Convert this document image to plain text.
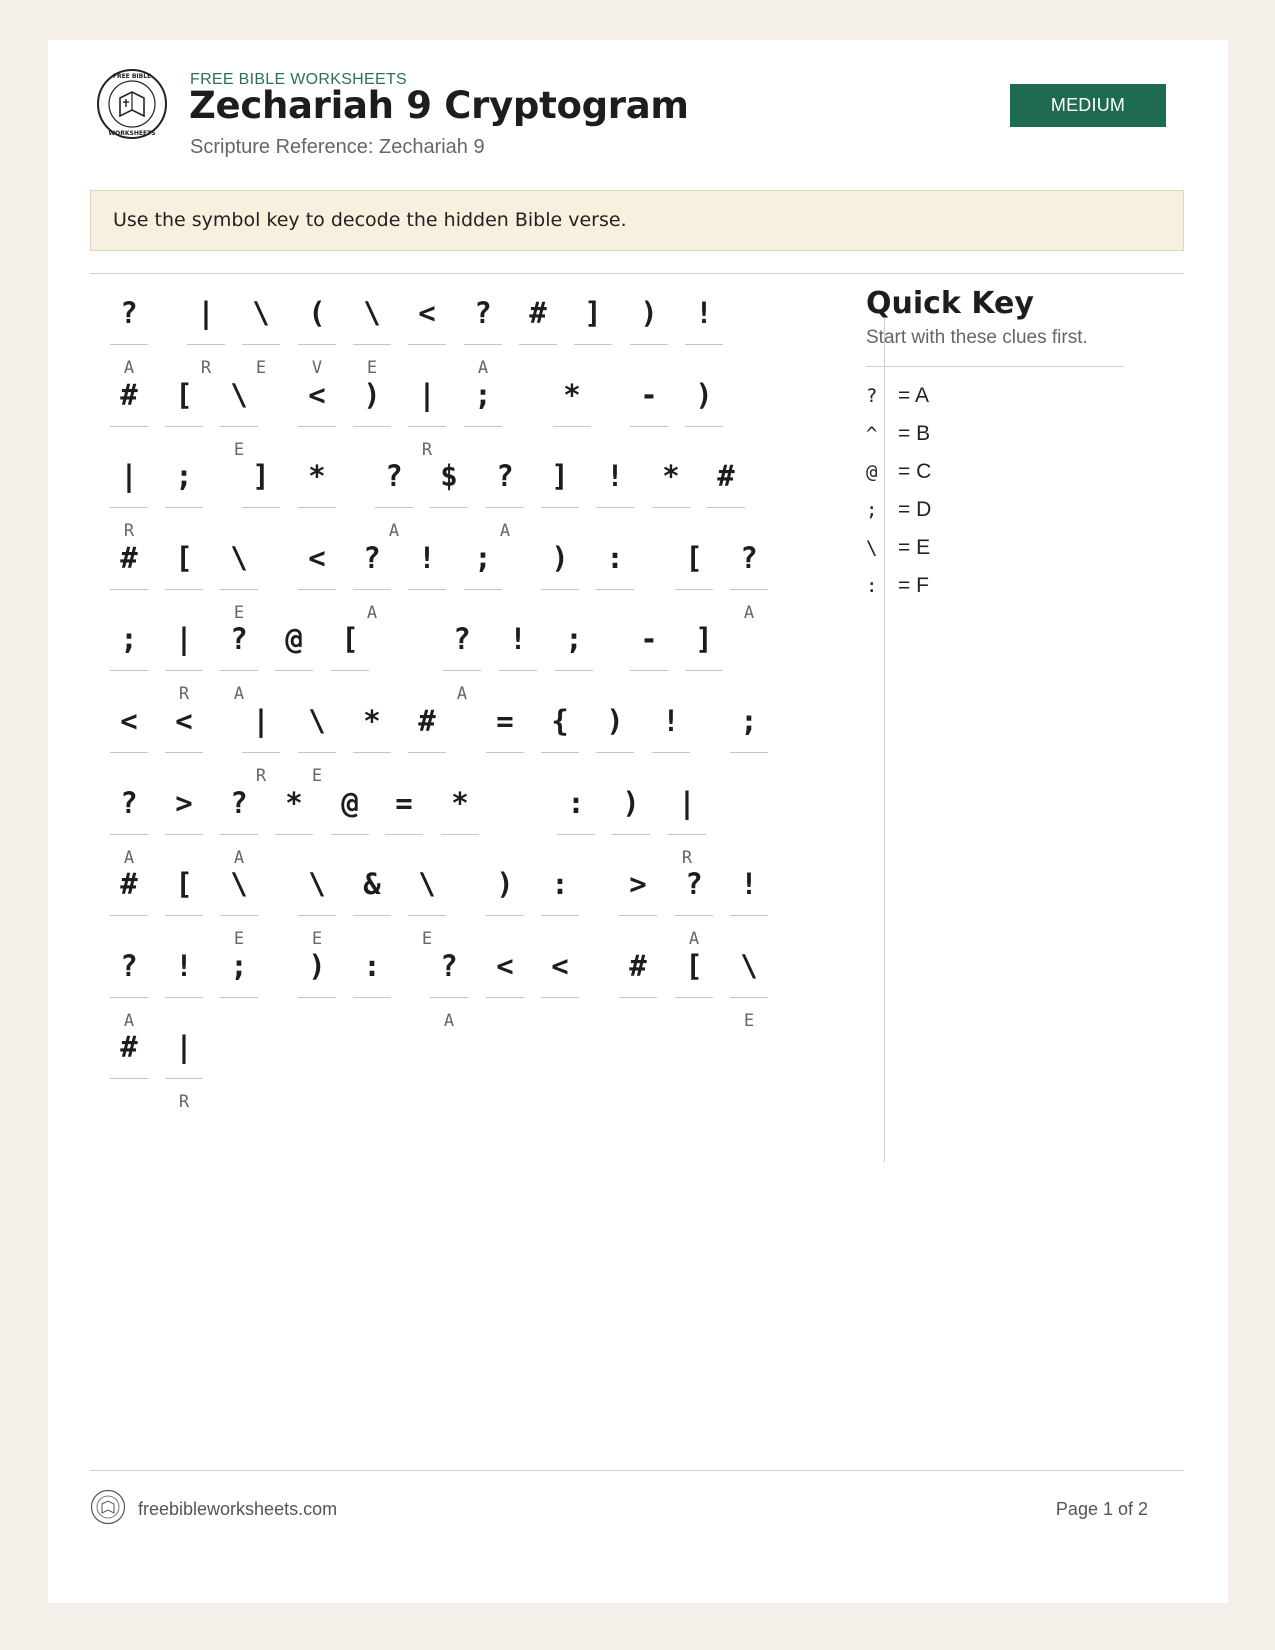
FREE BIBLE
WORKSHEETS
FREE BIBLE WORKSHEETS
Zechariah 9 Cryptogram
Scripture Reference: Zechariah 9
MEDIUM
Use the symbol key to decode the hidden Bible verse.
?
A
|
R
\
E
(
V
\
E
<	?
A
#	]	)	!
#	[	\
E
<	)	|
R
;	*	-	)
|
R
;	]	*	?
A
$	?
A
]	!	*	#
#	[	\
E
<	?
A
!	;	)	:	[	?
A
;	|
R
?
A
@	[	?
A
!	;	-	]
<	<	|
R
\
E
*	#	=	{	)	!	;
?
A
>	?
A
*	@	=	*	:	)	|
R
#	[	\
E
\
E
&	\
E
)	:	>	?
A
!
?
A
!	;	)	:	?
A
<	<	#	[	\
E
#	|
R
Quick Key
Start with these clues first.
? = A
^ = B
@ = C
; = D
\ = E
: = F
freebibleworksheets.com	Page 1 of 2
